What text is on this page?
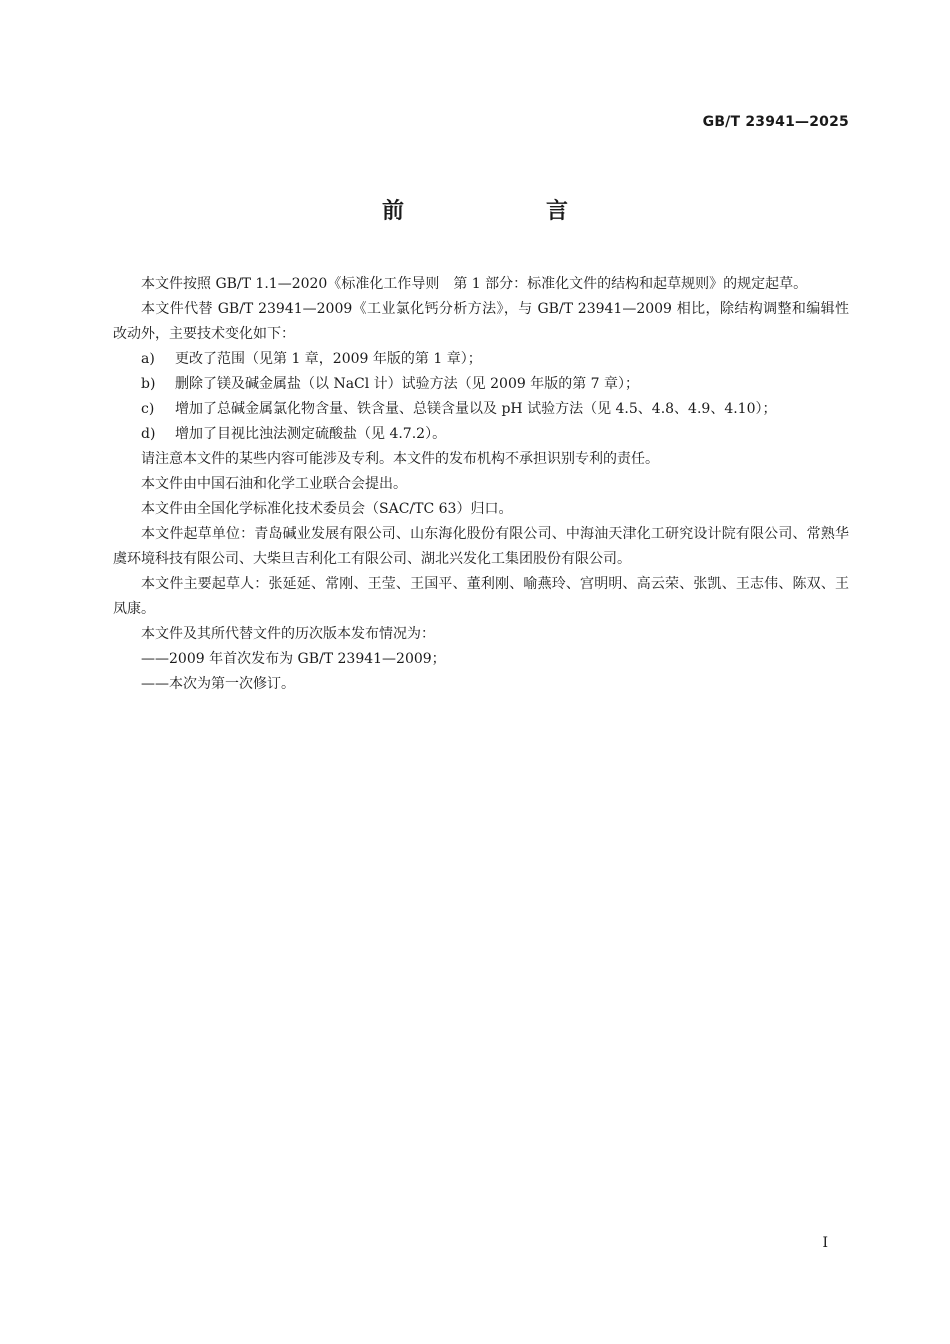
GB/T 23941—2025
前　言

本文件按照 GB/T 1.1—2020《标准化工作导则　第 1 部分：标准化文件的结构和起草规则》的规定起草。

本文件代替 GB/T 23941—2009《工业氯化钙分析方法》，与 GB/T 23941—2009 相比，除结构调整和编辑性改动外，主要技术变化如下：

a)	更改了范围（见第 1 章，2009 年版的第 1 章）；
b)	删除了镁及碱金属盐（以 NaCl 计）试验方法（见 2009 年版的第 7 章）；
c)	增加了总碱金属氯化物含量、铁含量、总镁含量以及 pH 试验方法（见 4.5、4.8、4.9、4.10）；
d)	增加了目视比浊法测定硫酸盐（见 4.7.2）。

请注意本文件的某些内容可能涉及专利。本文件的发布机构不承担识别专利的责任。

本文件由中国石油和化学工业联合会提出。

本文件由全国化学标准化技术委员会（SAC/TC 63）归口。

本文件起草单位：青岛碱业发展有限公司、山东海化股份有限公司、中海油天津化工研究设计院有限公司、常熟华虞环境科技有限公司、大柴旦吉利化工有限公司、湖北兴发化工集团股份有限公司。

本文件主要起草人：张延延、常刚、王莹、王国平、董利刚、喻燕玲、宫明明、高云荣、张凯、王志伟、陈双、王凤康。

本文件及其所代替文件的历次版本发布情况为：

——2009 年首次发布为 GB/T 23941—2009；

——本次为第一次修订。

I
